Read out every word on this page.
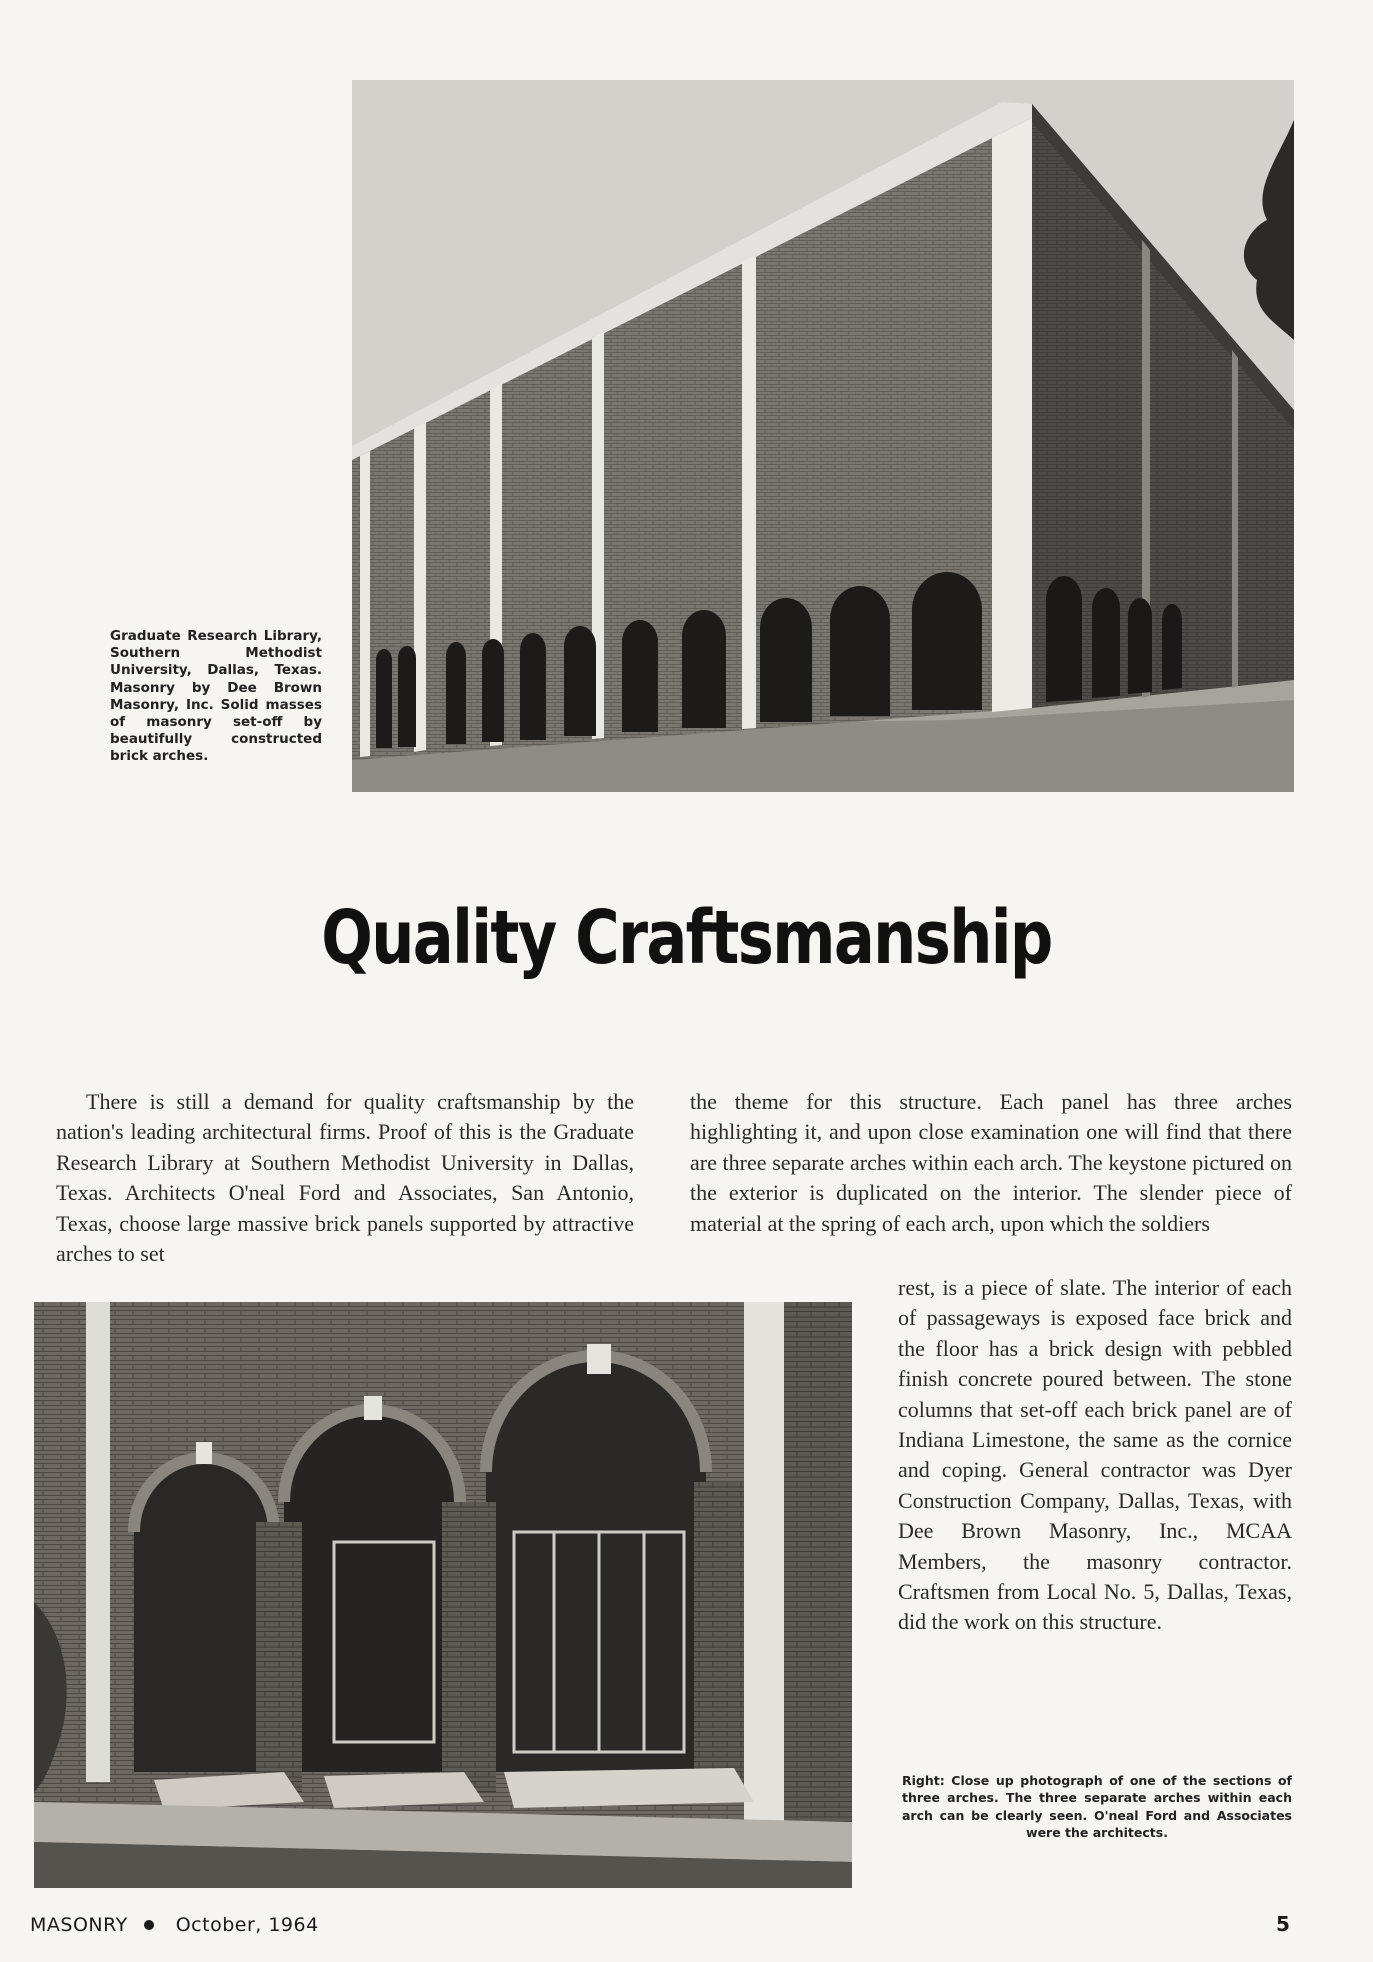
Graduate Research Library, Southern Methodist University, Dallas, Texas. Masonry by Dee Brown Masonry, Inc. Solid masses of masonry set-off by beautifully constructed brick arches.
Quality Craftsmanship

There is still a demand for quality craftsmanship by the nation's leading architectural firms. Proof of this is the Graduate Research Library at Southern Methodist University in Dallas, Texas. Architects O'neal Ford and Associates, San Antonio, Texas, choose large massive brick panels supported by attractive arches to set

the theme for this structure. Each panel has three arches highlighting it, and upon close examination one will find that there are three separate arches within each arch. The keystone pictured on the exterior is duplicated on the interior. The slender piece of material at the spring of each arch, upon which the soldiers

rest, is a piece of slate. The interior of each of passageways is exposed face brick and the floor has a brick design with pebbled finish concrete poured between. The stone columns that set-off each brick panel are of Indiana Limestone, the same as the cornice and coping. General contractor was Dyer Construction Company, Dallas, Texas, with Dee Brown Masonry, Inc., MCAA Members, the masonry contractor. Craftsmen from Local No. 5, Dallas, Texas, did the work on this structure.

Right: Close up photograph of one of the sections of three arches. The three separate arches within each arch can be clearly seen. O'neal Ford and Associates were the architects.
MASONRY	October, 1964	5
